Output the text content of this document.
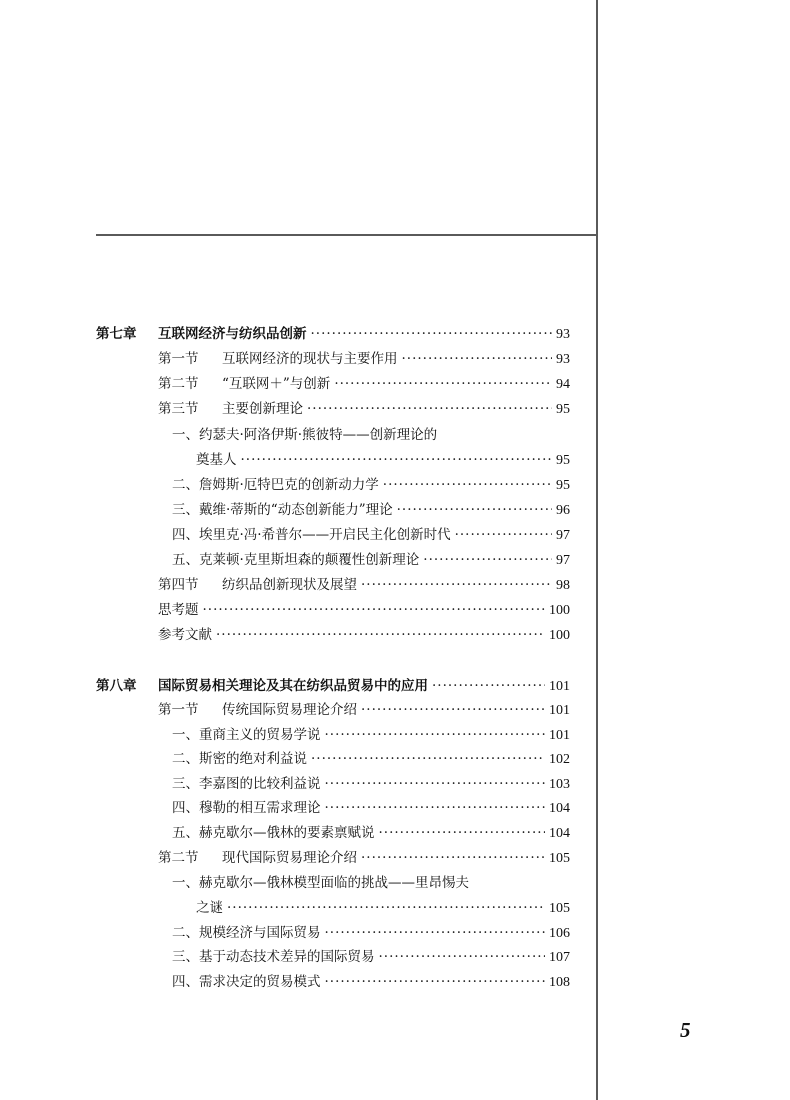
第七章 互联网经济与纺织品创新 ·····	93
第一节 互联网经济的现状与主要作用 ·····	93
第二节 “互联网＋”与创新 ·····	94
第三节 主要创新理论 ·····	95
一、约瑟夫·阿洛伊斯·熊彼特——创新理论的
奠基人 ·····	95
二、詹姆斯·厄特巴克的创新动力学 ·····	95
三、戴维·蒂斯的“动态创新能力”理论 ·····	96
四、埃里克·冯·希普尔——开启民主化创新时代 ·····	97
五、克莱顿·克里斯坦森的颠覆性创新理论 ·····	97
第四节 纺织品创新现状及展望 ·····	98
思考题 ·····	100
参考文献 ·····	100
第八章 国际贸易相关理论及其在纺织品贸易中的应用 ·····	101
第一节 传统国际贸易理论介绍 ·····	101
一、重商主义的贸易学说 ·····	101
二、斯密的绝对利益说 ·····	102
三、李嘉图的比较利益说 ·····	103
四、穆勒的相互需求理论 ·····	104
五、赫克歇尔—俄林的要素禀赋说 ·····	104
第二节 现代国际贸易理论介绍 ·····	105
一、赫克歇尔—俄林模型面临的挑战——里昂惕夫
之谜 ·····	105
二、规模经济与国际贸易 ·····	106
三、基于动态技术差异的国际贸易 ·····	107
四、需求决定的贸易模式 ·····	108
5
